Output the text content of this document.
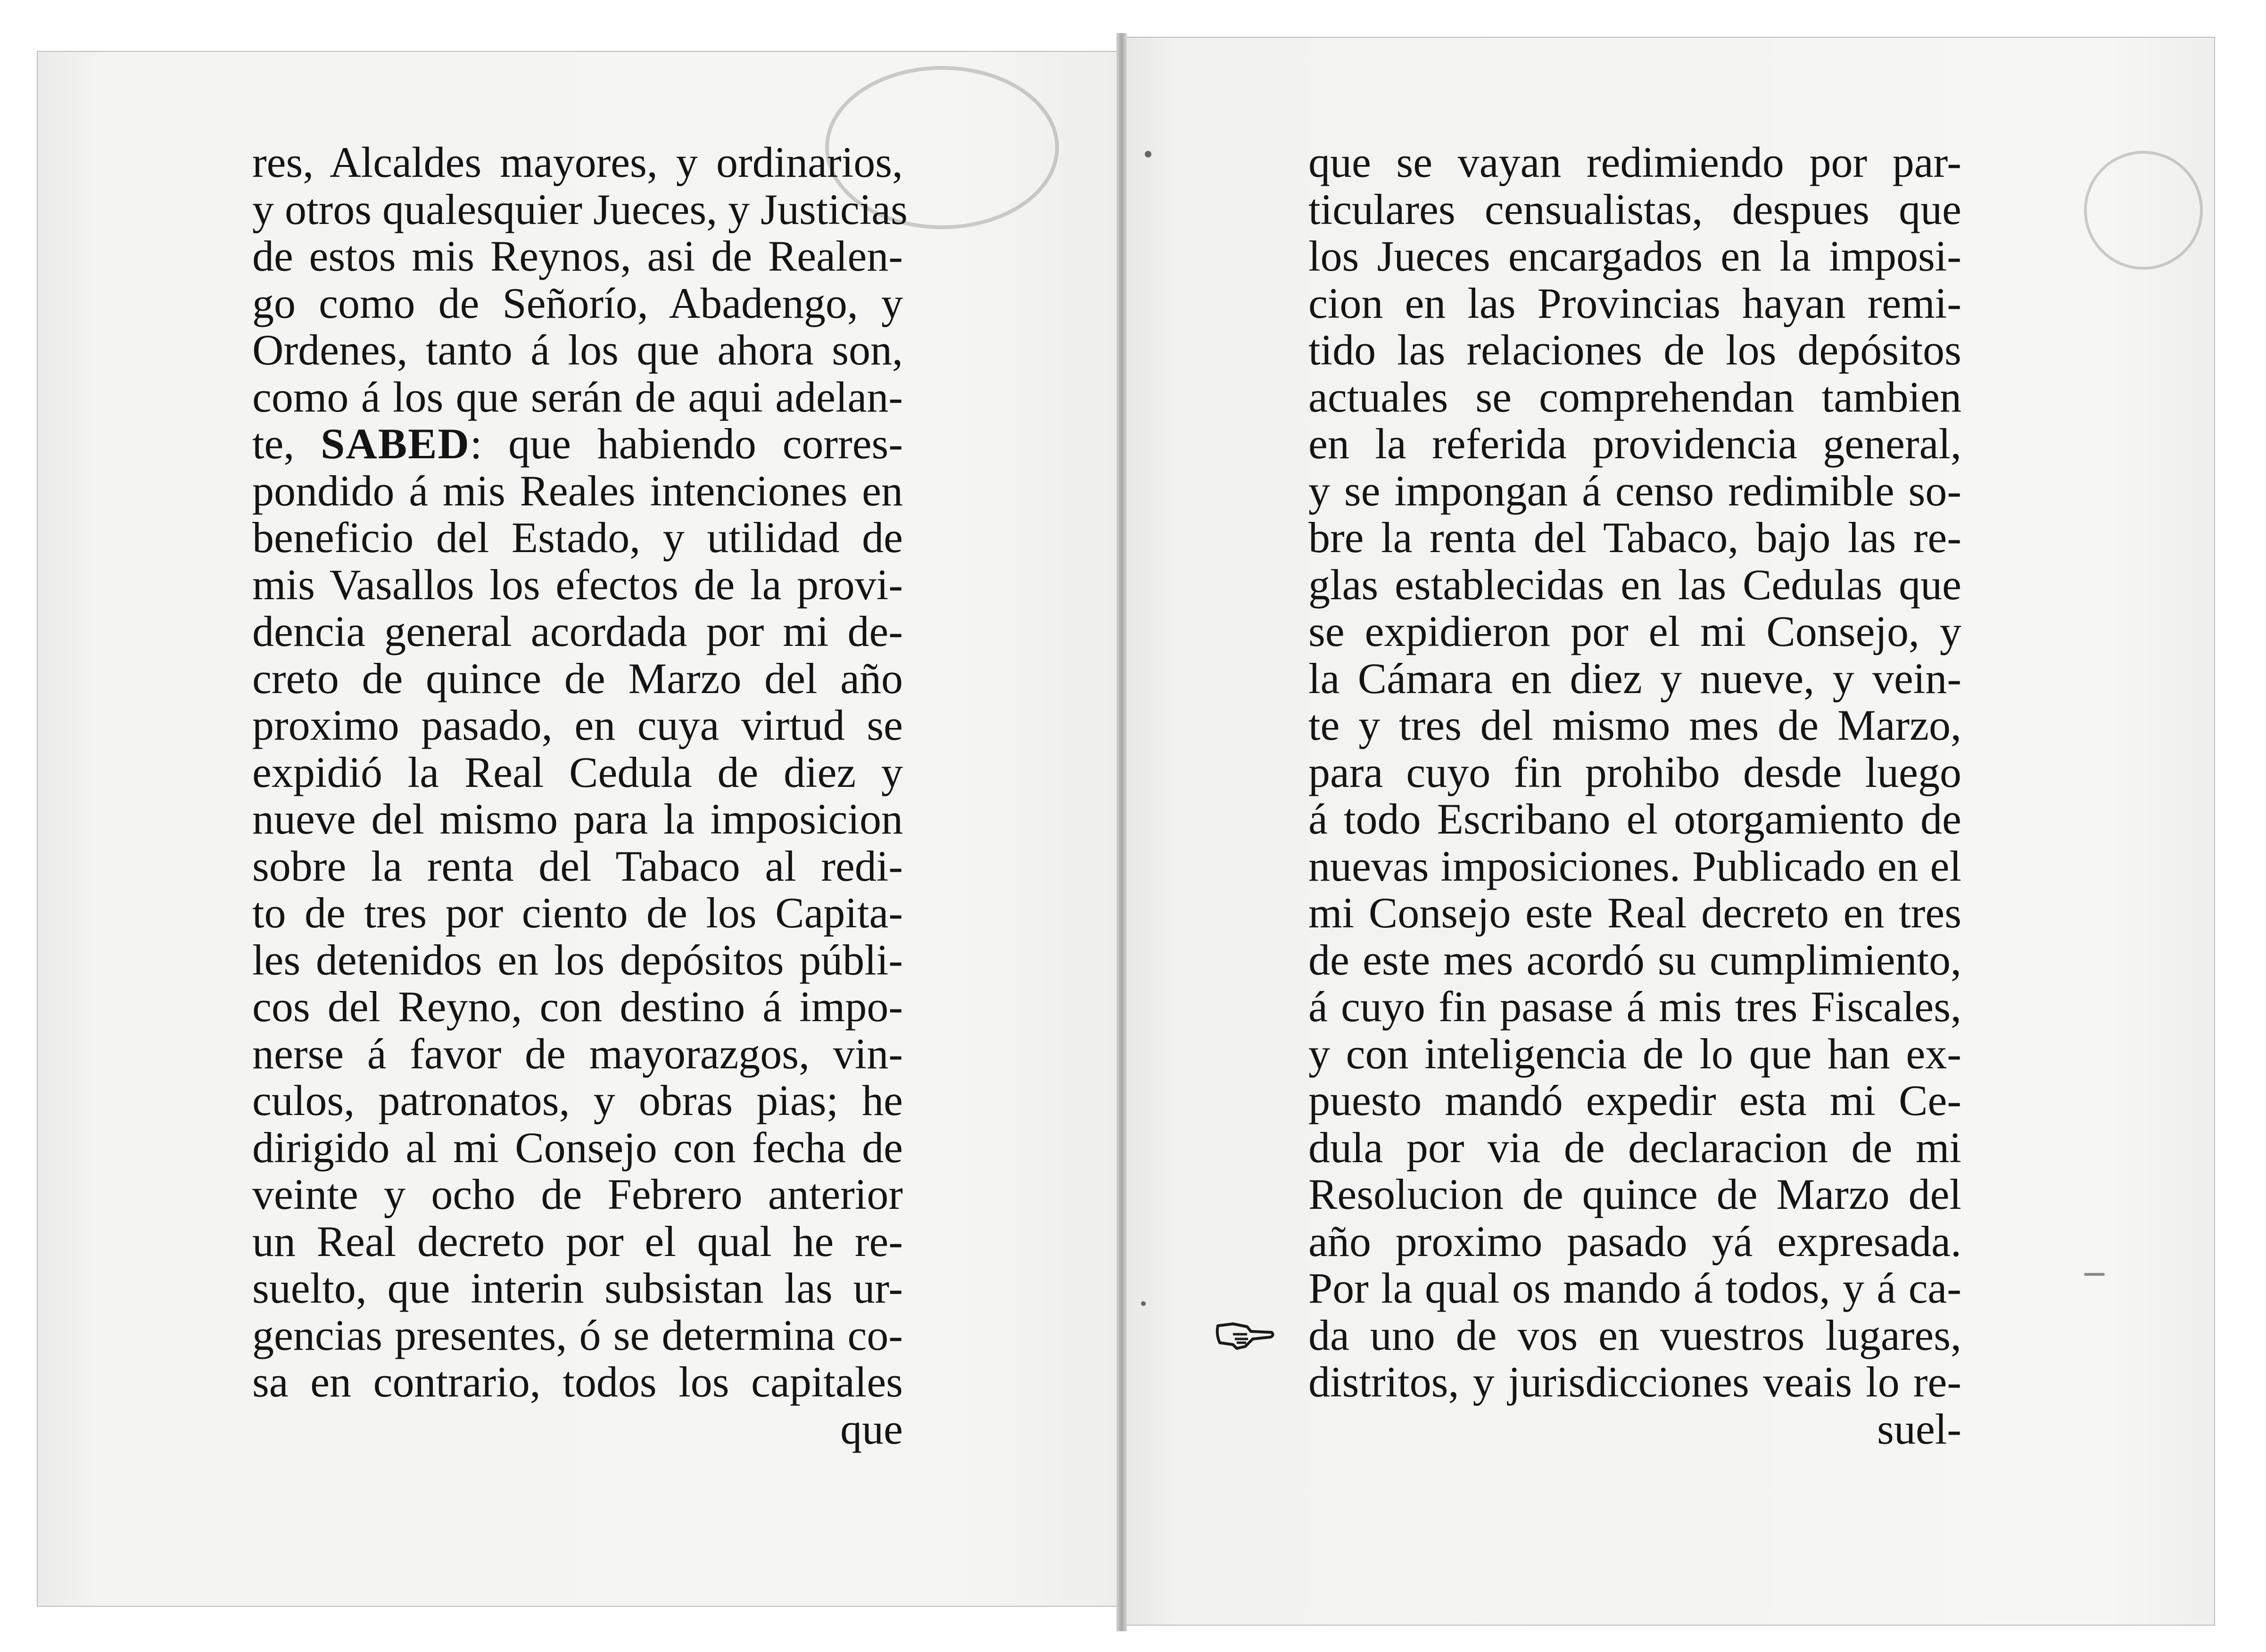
res, Alcaldes mayores, y ordinarios,
y otros qualesquier Jueces, y Justicias
de estos mis Reynos, asi de Realen-
go como de Señorío, Abadengo, y
Ordenes, tanto á los que ahora son,
como á los que serán de aqui adelan-
te, SABED: que habiendo corres-
pondido á mis Reales intenciones en
beneficio del Estado, y utilidad de
mis Vasallos los efectos de la provi-
dencia general acordada por mi de-
creto de quince de Marzo del año
proximo pasado, en cuya virtud se
expidió la Real Cedula de diez y
nueve del mismo para la imposicion
sobre la renta del Tabaco al redi-
to de tres por ciento de los Capita-
les detenidos en los depósitos públi-
cos del Reyno, con destino á impo-
nerse á favor de mayorazgos, vin-
culos, patronatos, y obras pias; he
dirigido al mi Consejo con fecha de
veinte y ocho de Febrero anterior
un Real decreto por el qual he re-
suelto, que interin subsistan las ur-
gencias presentes, ó se determina co-
sa en contrario, todos los capitales
que
que se vayan redimiendo por par-
ticulares censualistas, despues que
los Jueces encargados en la imposi-
cion en las Provincias hayan remi-
tido las relaciones de los depósitos
actuales se comprehendan tambien
en la referida providencia general,
y se impongan á censo redimible so-
bre la renta del Tabaco, bajo las re-
glas establecidas en las Cedulas que
se expidieron por el mi Consejo, y
la Cámara en diez y nueve, y vein-
te y tres del mismo mes de Marzo,
para cuyo fin prohibo desde luego
á todo Escribano el otorgamiento de
nuevas imposiciones. Publicado en el
mi Consejo este Real decreto en tres
de este mes acordó su cumplimiento,
á cuyo fin pasase á mis tres Fiscales,
y con inteligencia de lo que han ex-
puesto mandó expedir esta mi Ce-
dula por via de declaracion de mi
Resolucion de quince de Marzo del
año proximo pasado yá expresada.
Por la qual os mando á todos, y á ca-
da uno de vos en vuestros lugares,
distritos, y jurisdicciones veais lo re-
suel-
